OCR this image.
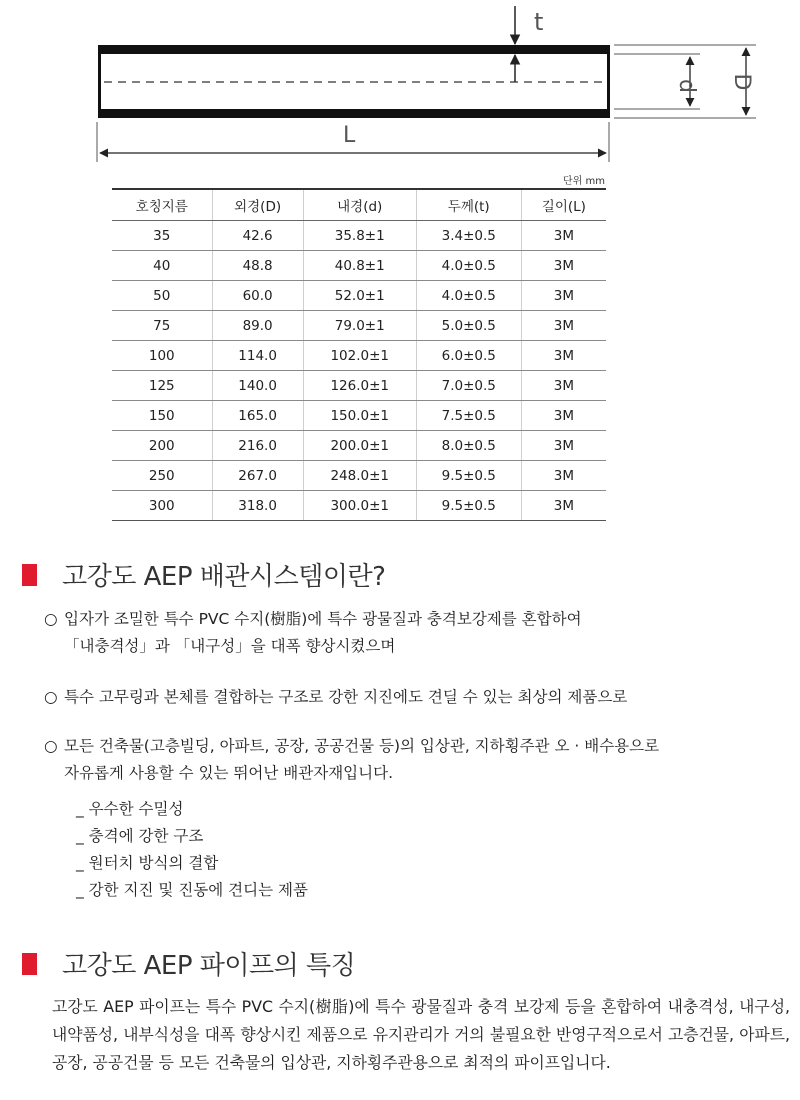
t
d D
L
단위 mm
호칭지름	외경(D)	내경(d)	두께(t)	길이(L)
35	42.6	35.8±1	3.4±0.5	3M
40	48.8	40.8±1	4.0±0.5	3M
50	60.0	52.0±1	4.0±0.5	3M
75	89.0	79.0±1	5.0±0.5	3M
100	114.0	102.0±1	6.0±0.5	3M
125	140.0	126.0±1	7.0±0.5	3M
150	165.0	150.0±1	7.5±0.5	3M
200	216.0	200.0±1	8.0±0.5	3M
250	267.0	248.0±1	9.5±0.5	3M
300	318.0	300.0±1	9.5±0.5	3M
고강도 AEP 배관시스템이란?
○ 입자가 조밀한 특수 PVC 수지(樹脂)에 특수 광물질과 충격보강제를 혼합하여
「내충격성」과 「내구성」을 대폭 향상시켰으며
○ 특수 고무링과 본체를 결합하는 구조로 강한 지진에도 견딜 수 있는 최상의 제품으로
○ 모든 건축물(고층빌딩, 아파트, 공장, 공공건물 등)의 입상관, 지하횡주관 오 · 배수용으로
자유롭게 사용할 수 있는 뛰어난 배관자재입니다.
_ 우수한 수밀성
_ 충격에 강한 구조
_ 원터치 방식의 결합
_ 강한 지진 및 진동에 견디는 제품
고강도 AEP 파이프의 특징

고강도 AEP 파이프는 특수 PVC 수지(樹脂)에 특수 광물질과 충격 보강제 등을 혼합하여 내충격성, 내구성, 내약품성, 내부식성을 대폭 향상시킨 제품으로 유지관리가 거의 불필요한 반영구적으로서 고층건물, 아파트, 공장, 공공건물 등 모든 건축물의 입상관, 지하횡주관용으로 최적의 파이프입니다.
